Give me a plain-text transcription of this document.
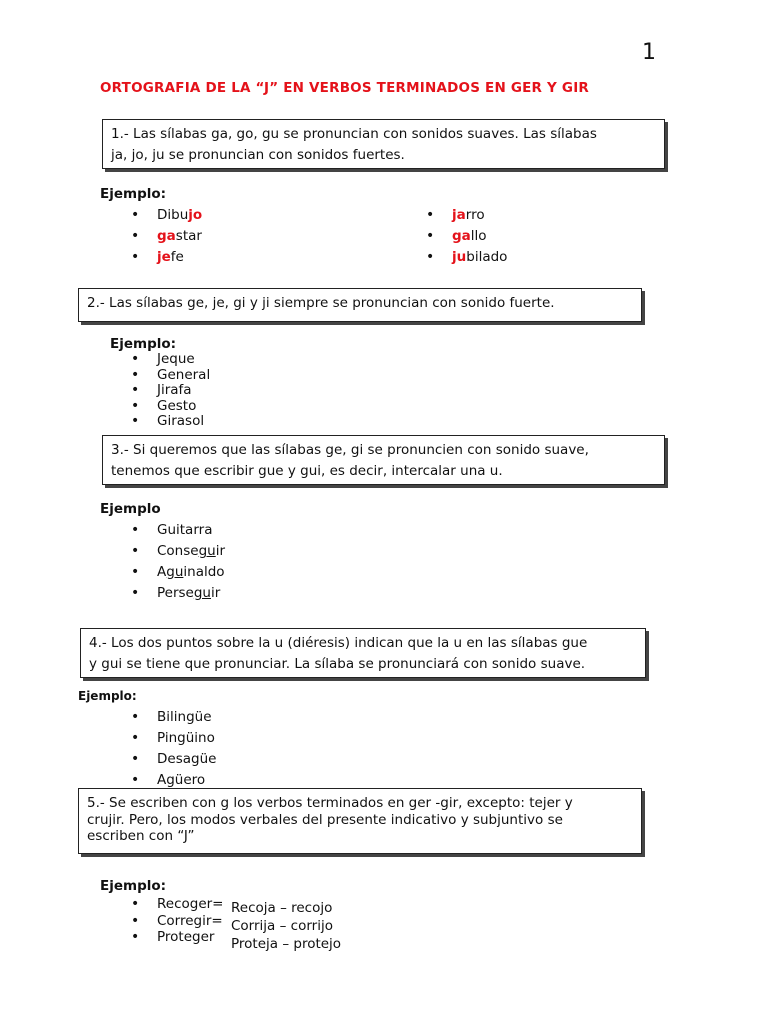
1
ORTOGRAFIA DE LA “J” EN VERBOS TERMINADOS EN GER Y GIR
1.- Las sílabas ga, go, gu se pronuncian con sonidos suaves. Las sílabas
ja, jo, ju se pronuncian con sonidos fuertes.
Ejemplo:
• Dibujo
• gastar
• jefe
• jarro
• gallo
• jubilado
2.- Las sílabas ge, je, gi y ji siempre se pronuncian con sonido fuerte.
Ejemplo:
• Jeque
• General
• Jirafa
• Gesto
• Girasol
3.- Si queremos que las sílabas ge, gi se pronuncien con sonido suave,
tenemos que escribir gue y gui, es decir, intercalar una u.
Ejemplo
• Guitarra
• Conseguir
• Aguinaldo
• Perseguir
4.- Los dos puntos sobre la u (diéresis) indican que la u en las sílabas gue
y gui se tiene que pronunciar. La sílaba se pronunciará con sonido suave.
Ejemplo:
• Bilingüe
• Pingüino
• Desagüe
• Agüero
5.- Se escriben con g los verbos terminados en ger -gir, excepto: tejer y
crujir. Pero, los modos verbales del presente indicativo y subjuntivo se
escriben con “J”
Ejemplo:
• Recoger=
• Corregir=
• Proteger
Recoja – recojo
Corrija – corrijo
Proteja – protejo
